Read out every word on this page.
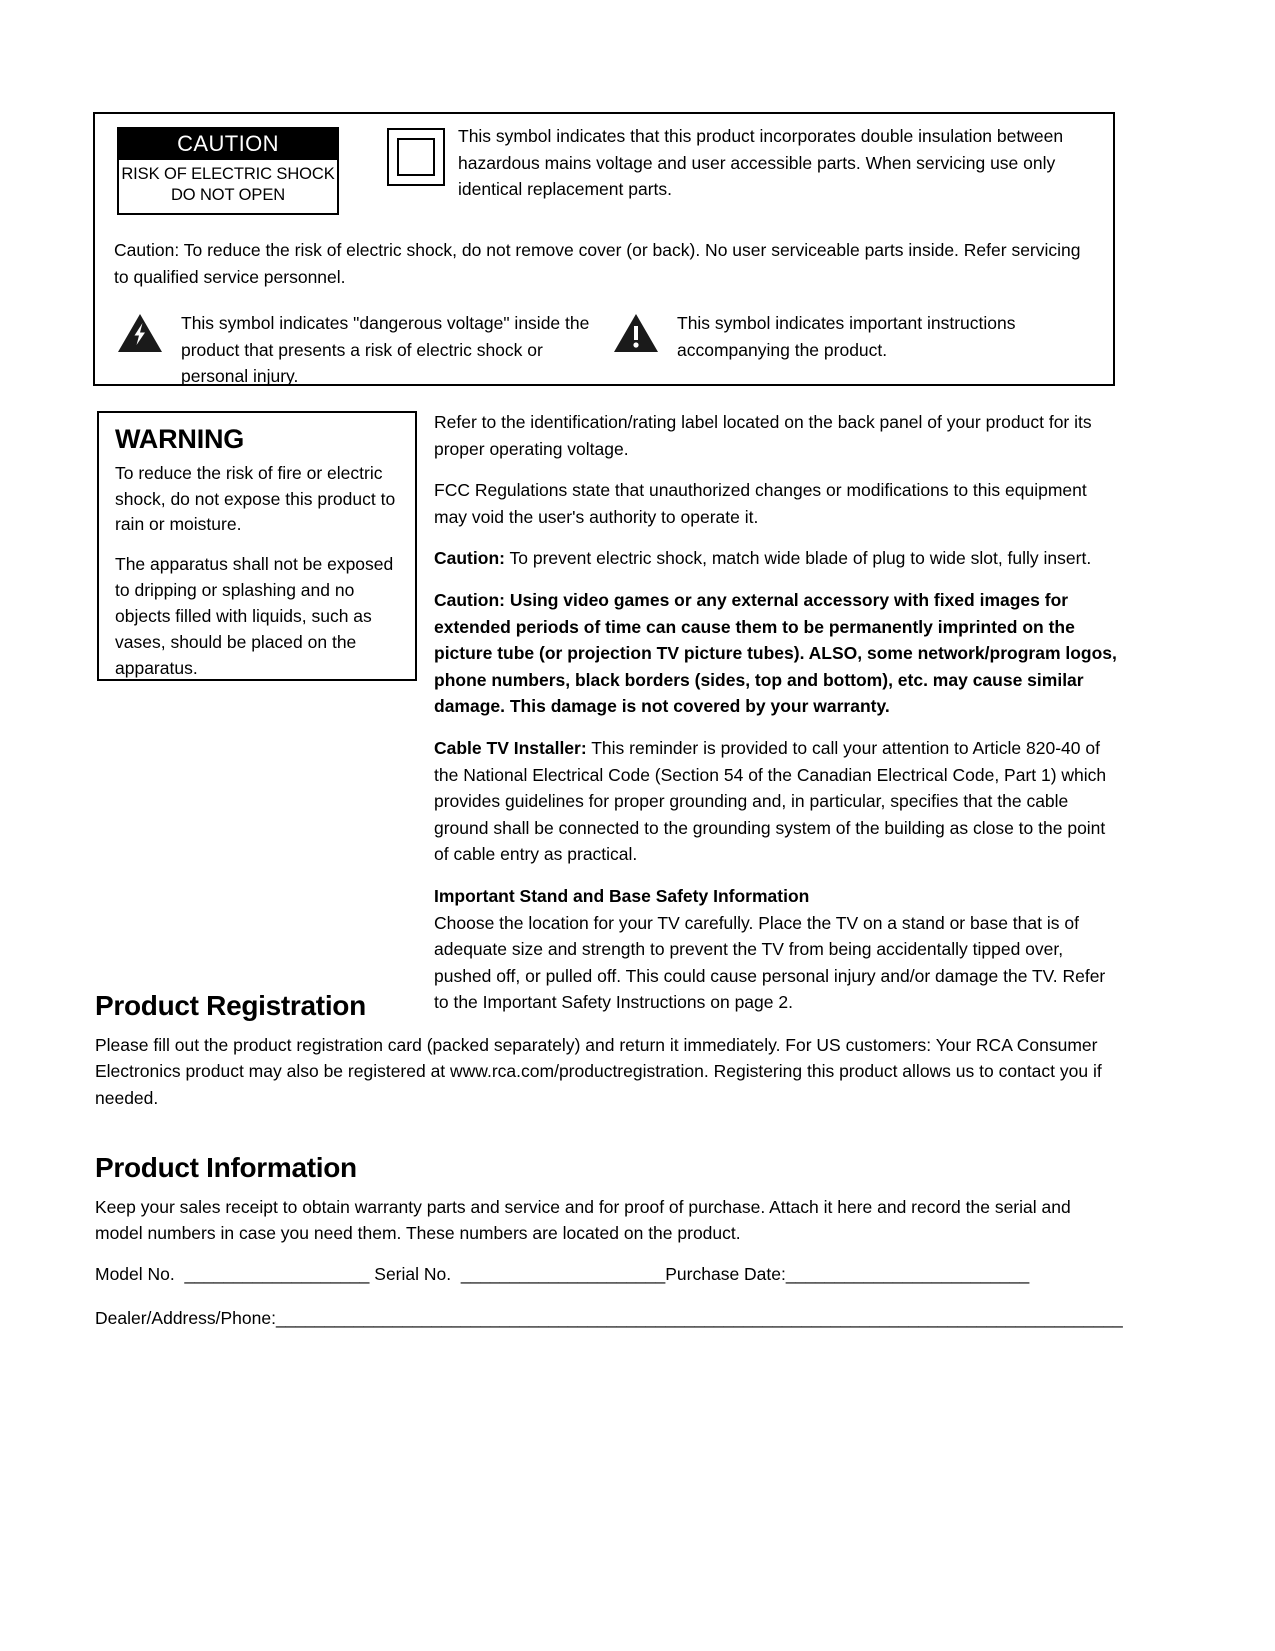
CAUTION
RISK OF ELECTRIC SHOCK
DO NOT OPEN
This symbol indicates that this product incorporates double insulation between hazardous mains voltage and user accessible parts. When servicing use only identical replacement parts.
Caution: To reduce the risk of electric shock, do not remove cover (or back). No user serviceable parts inside. Refer servicing to qualified service personnel.
This symbol indicates "dangerous voltage" inside the product that presents a risk of electric shock or personal injury.
This symbol indicates important instructions accompanying the product.
WARNING

To reduce the risk of fire or electric shock, do not expose this product to rain or moisture.

The apparatus shall not be exposed to dripping or splashing and no objects filled with liquids, such as vases, should be placed on the apparatus.

Refer to the identification/rating label located on the back panel of your product for its proper operating voltage.

FCC Regulations state that unauthorized changes or modifications to this equipment may void the user's authority to operate it.

Caution: To prevent electric shock, match wide blade of plug to wide slot, fully insert.

Caution: Using video games or any external accessory with fixed images for extended periods of time can cause them to be permanently imprinted on the picture tube (or projection TV picture tubes). ALSO, some network/program logos, phone numbers, black borders (sides, top and bottom), etc. may cause similar damage. This damage is not covered by your warranty.

Cable TV Installer: This reminder is provided to call your attention to Article 820-40 of the National Electrical Code (Section 54 of the Canadian Electrical Code, Part 1) which provides guidelines for proper grounding and, in particular, specifies that the cable ground shall be connected to the grounding system of the building as close to the point of cable entry as practical.

Important Stand and Base Safety Information

Choose the location for your TV carefully. Place the TV on a stand or base that is of adequate size and strength to prevent the TV from being accidentally tipped over, pushed off, or pulled off. This could cause personal injury and/or damage the TV. Refer to the Important Safety Instructions on page 2.

Product Registration

Please fill out the product registration card (packed separately) and return it immediately. For US customers: Your RCA Consumer Electronics product may also be registered at www.rca.com/productregistration. Registering this product allows us to contact you if needed.

Product Information

Keep your sales receipt to obtain warranty parts and service and for proof of purchase. Attach it here and record the serial and model numbers in case you need them. These numbers are located on the product.

Model No.  ___________________ Serial No.  _____________________Purchase Date:_________________________
Dealer/Address/Phone:_______________________________________________________________________________________
